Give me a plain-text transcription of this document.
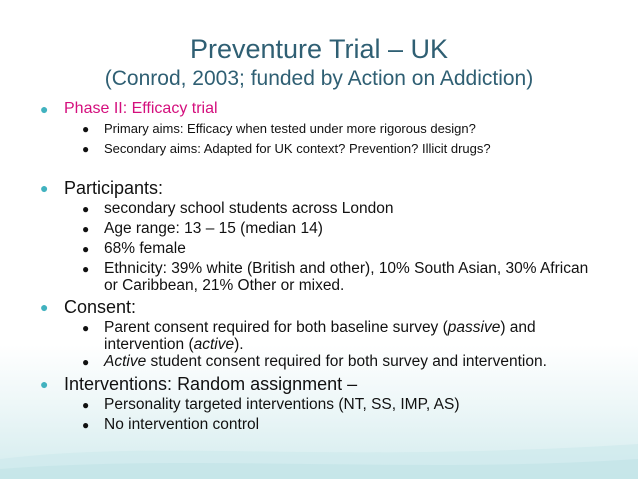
Preventure Trial – UK
(Conrod, 2003; funded by Action on Addiction)
● Phase II: Efficacy trial
● Primary aims: Efficacy when tested under more rigorous design?
● Secondary aims: Adapted for UK context? Prevention? Illicit drugs?
● Participants:
● secondary school students across London
● Age range: 13 – 15 (median 14)
● 68% female
● Ethnicity: 39% white (British and other), 10% South Asian, 30% African
or Caribbean, 21% Other or mixed.
● Consent:
● Parent consent required for both baseline survey (passive) and
intervention (active).
● Active student consent required for both survey and intervention.
● Interventions: Random assignment –
● Personality targeted interventions (NT, SS, IMP, AS)
● No intervention control
